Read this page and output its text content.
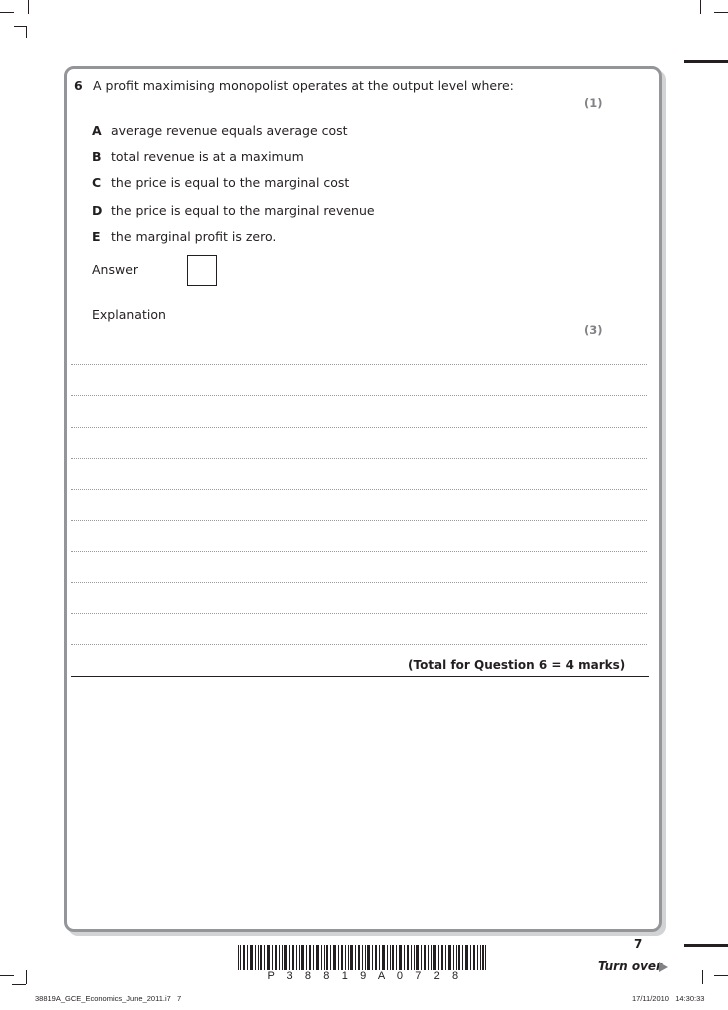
6 A profit maximising monopolist operates at the output level where:
(1)
A average revenue equals average cost
B total revenue is at a maximum
C the price is equal to the marginal cost
D the price is equal to the marginal revenue
E the marginal profit is zero.
Answer
Explanation
(3)
(Total for Question 6 = 4 marks)
7
Turn over
P 3 8 8 1 9 A 0 7 2 8
38819A_GCE_Economics_June_2011.i7   7	17/11/2010   14:30:33
